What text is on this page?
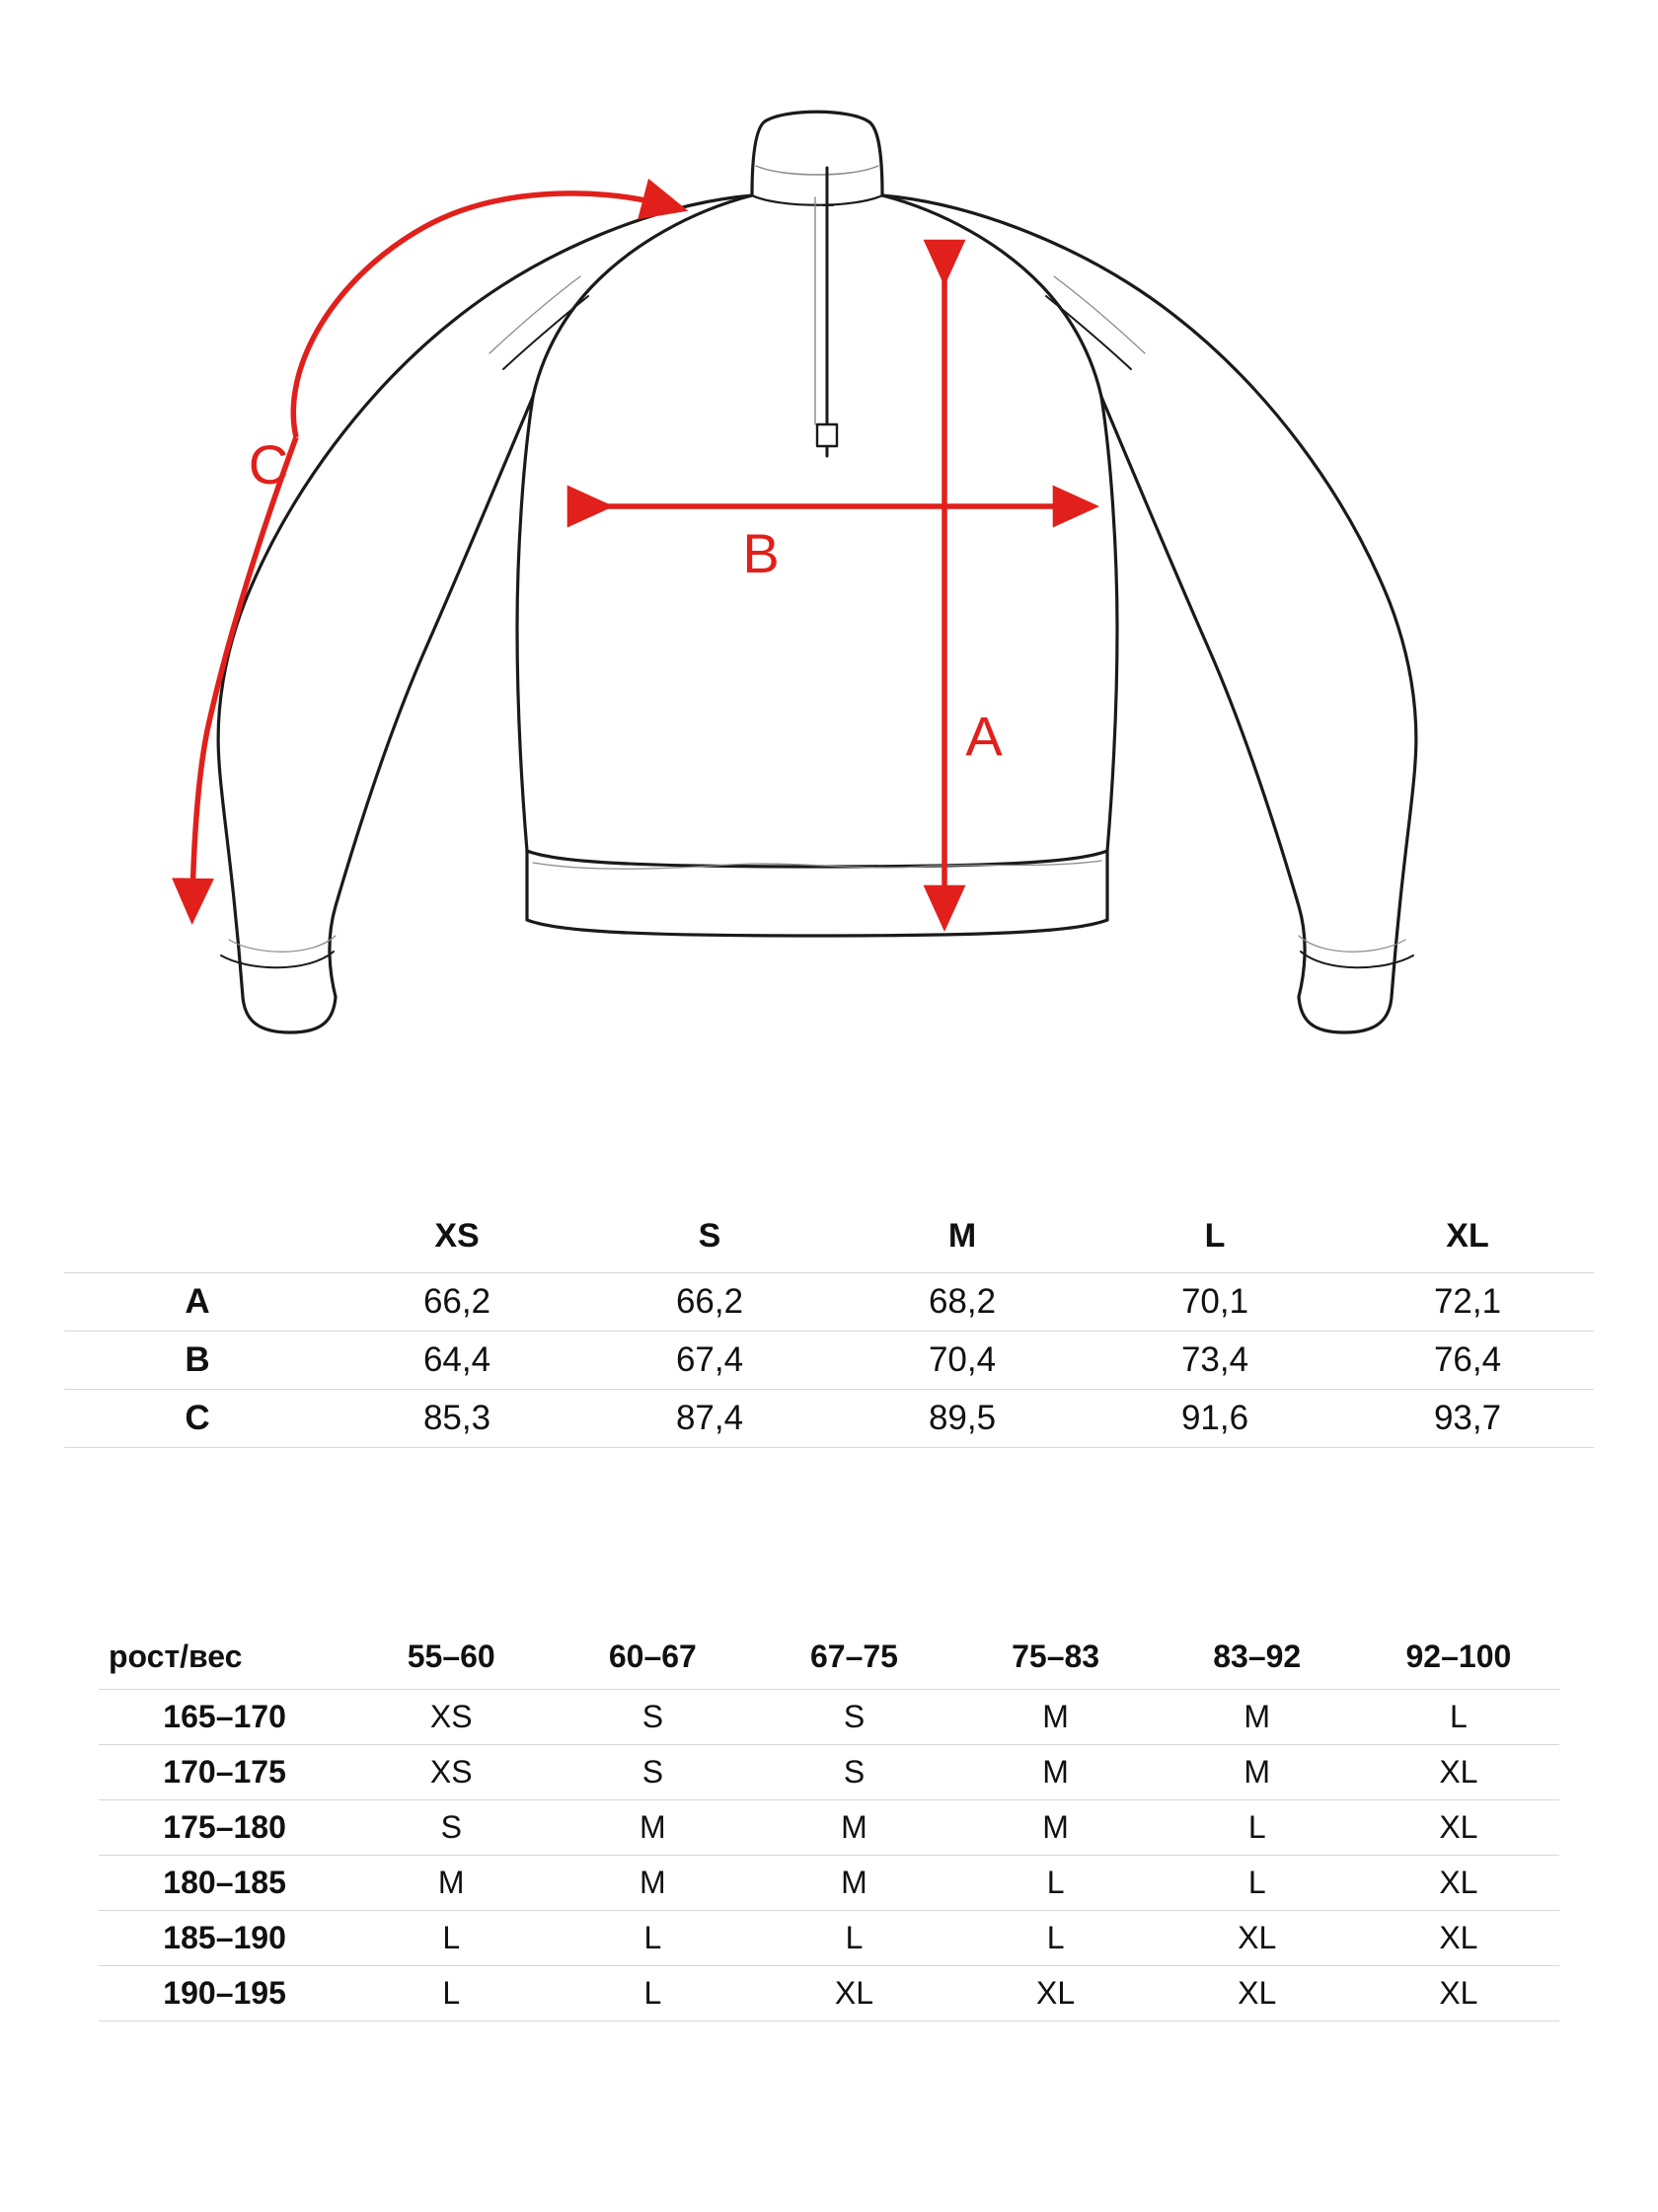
B
A
C
	XS	S	M	L	XL
A	66,2	66,2	68,2	70,1	72,1
B	64,4	67,4	70,4	73,4	76,4
C	85,3	87,4	89,5	91,6	93,7
рост/вес	55–60	60–67	67–75	75–83	83–92	92–100
165–170	XS	S	S	M	M	L
170–175	XS	S	S	M	M	XL
175–180	S	M	M	M	L	XL
180–185	M	M	M	L	L	XL
185–190	L	L	L	L	XL	XL
190–195	L	L	XL	XL	XL	XL
